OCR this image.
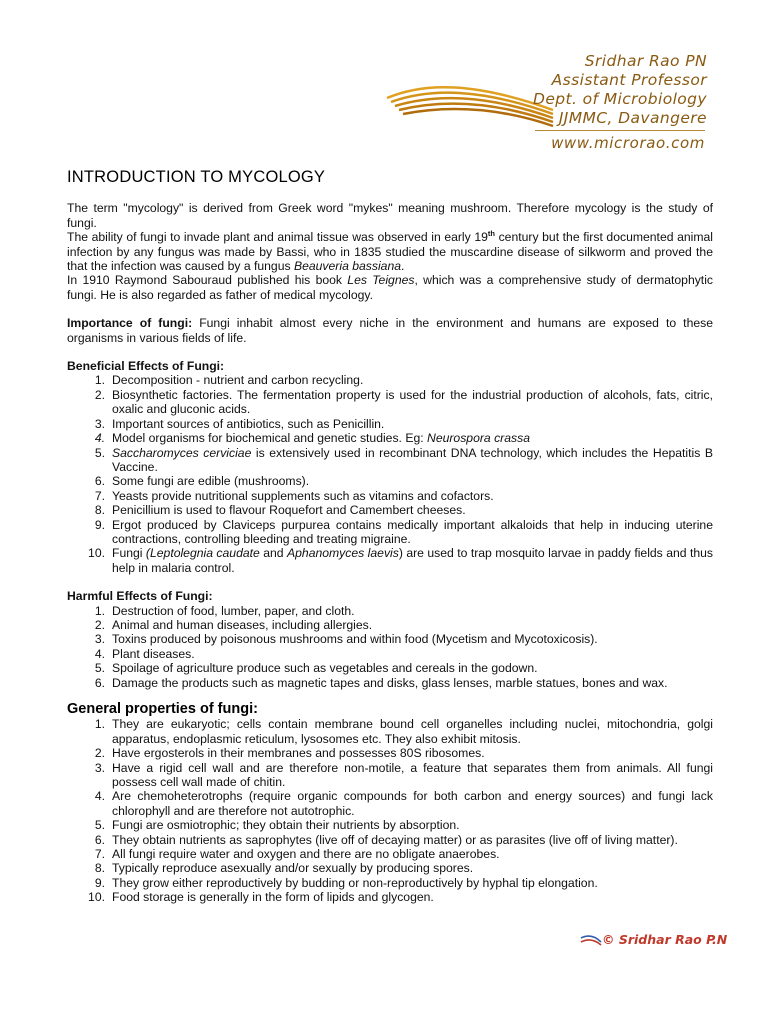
Sridhar Rao PN
Assistant Professor
Dept. of Microbiology
JJMMC, Davangere
www.microrao.com
INTRODUCTION TO MYCOLOGY

The term "mycology" is derived from Greek word "mykes" meaning mushroom. Therefore mycology is the study of fungi.

The ability of fungi to invade plant and animal tissue was observed in early 19th century but the first documented animal infection by any fungus was made by Bassi, who in 1835 studied the muscardine disease of silkworm and proved the that the infection was caused by a fungus Beauveria bassiana.

In 1910 Raymond Sabouraud published his book Les Teignes, which was a comprehensive study of dermatophytic fungi. He is also regarded as father of medical mycology.

Importance of fungi: Fungi inhabit almost every niche in the environment and humans are exposed to these organisms in various fields of life.

Beneficial Effects of Fungi:

1. Decomposition - nutrient and carbon recycling.
2. Biosynthetic factories. The fermentation property is used for the industrial production of alcohols, fats, citric, oxalic and gluconic acids.
3. Important sources of antibiotics, such as Penicillin.
4. Model organisms for biochemical and genetic studies. Eg: Neurospora crassa
5. Saccharomyces cerviciae is extensively used in recombinant DNA technology, which includes the Hepatitis B Vaccine.
6. Some fungi are edible (mushrooms).
7. Yeasts provide nutritional supplements such as vitamins and cofactors.
8. Penicillium is used to flavour Roquefort and Camembert cheeses.
9. Ergot produced by Claviceps purpurea contains medically important alkaloids that help in inducing uterine contractions, controlling bleeding and treating migraine.
10. Fungi (Leptolegnia caudate and Aphanomyces laevis) are used to trap mosquito larvae in paddy fields and thus help in malaria control.

Harmful Effects of Fungi:

1. Destruction of food, lumber, paper, and cloth.
2. Animal and human diseases, including allergies.
3. Toxins produced by poisonous mushrooms and within food (Mycetism and Mycotoxicosis).
4. Plant diseases.
5. Spoilage of agriculture produce such as vegetables and cereals in the godown.
6. Damage the products such as magnetic tapes and disks, glass lenses, marble statues, bones and wax.

General properties of fungi:

1. They are eukaryotic; cells contain membrane bound cell organelles including nuclei, mitochondria, golgi apparatus, endoplasmic reticulum, lysosomes etc. They also exhibit mitosis.
2. Have ergosterols in their membranes and possesses 80S ribosomes.
3. Have a rigid cell wall and are therefore non-motile, a feature that separates them from animals. All fungi possess cell wall made of chitin.
4. Are chemoheterotrophs (require organic compounds for both carbon and energy sources) and fungi lack chlorophyll and are therefore not autotrophic.
5. Fungi are osmiotrophic; they obtain their nutrients by absorption.
6. They obtain nutrients as saprophytes (live off of decaying matter) or as parasites (live off of living matter).
7. All fungi require water and oxygen and there are no obligate anaerobes.
8. Typically reproduce asexually and/or sexually by producing spores.
9. They grow either reproductively by budding or non-reproductively by hyphal tip elongation.
10. Food storage is generally in the form of lipids and glycogen.
© Sridhar Rao P.N
